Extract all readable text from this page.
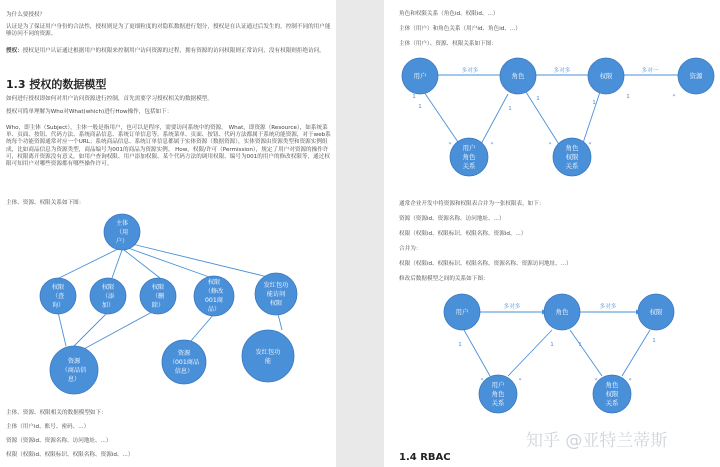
为什么要授权？
认证是为了保证用户身份的合法性，授权则是为了更细粒度的对隐私数据进行划分，授权是在认证通过后发生的，控制不同的用户能够访问不同的资源。
授权：授权是用户认证通过根据用户的权限来控制用户访问资源的过程，拥有资源的访问权限则正常访问，没有权限则拒绝访问。
1.3 授权的数据模型
如何进行授权即如何对用户访问资源进行控制，首先需要学习授权相关的数据模型。
授权可简单理解为Who对What(which)进行How操作，包括如下：
Who，即主体（Subject），主体一般是指用户，也可以是程序，需要访问系统中的资源。 What，即资源（Resource），如系统菜单、页面、按钮、代码方法、系统商品信息、系统订单信息等。系统菜单、页面、按钮、代码方法都属于系统功能资源，对于web系统每个功能资源通常对应一个URL；系统商品信息、系统订单信息都属于实体资源（数据资源），实体资源由资源类型和资源实例组成，比如商品信息为资源类型，商品编号为001的商品为资源实例。 How，权限/许可（Permission），规定了用户对资源的操作许可，权限离开资源没有意义，如用户查询权限、用户添加权限、某个代码方法的调用权限、编号为001的用户的修改权限等，通过权限可知用户对哪些资源都有哪些操作许可。
主体、资源、权限关系如下图：
主体
（用
户）
权限
（查
询）
权限
（添
加）
权限
（删
除）
权限
（修改
001商
品）
发红包功
能访问
权限
资源
（商品信
息）
资源
（001商品
信息）
发红包功
能
主体、资源、权限相关的数据模型如下：
主体（用户id、账号、密码、...）
资源（资源id、资源名称、访问地址、...）
权限（权限id、权限标识、权限名称、资源id、...）
角色和权限关系（角色id、权限id、...）
主体（用户）和角色关系（用户id、角色id、...）
主体（用户）、资源、权限关系如下图：
用户	角色	权限	资源
用户
角色
关系
角色
权限
关系
用户	角色	权限
用户
角色
关系
角色
权限
关系
多对多	多对多	多对一
1
*
1
*
1
*
1
*
1
1	*
多对多	多对多
1
*
1
*
1
*	*
1
通常企业开发中将资源和权限表合并为一张权限表，如下：
资源（资源id、资源名称、访问地址、...）
权限（权限id、权限标识、权限名称、资源id、...）
合并为：
权限（权限id、权限标识、权限名称、资源名称、资源访问地址、...）
修改后数据模型之间的关系如下图：
1.4 RBAC
知乎 @亚特兰蒂斯
